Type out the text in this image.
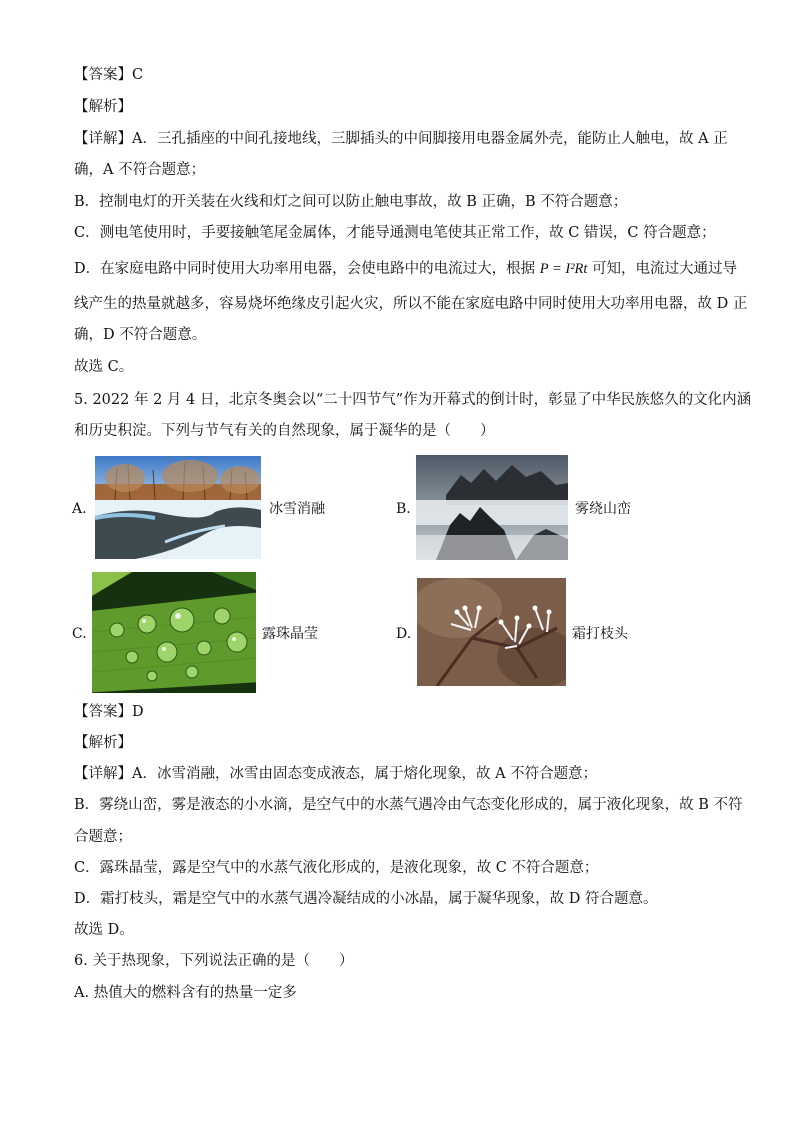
【答案】C
【解析】
【详解】A．三孔插座的中间孔接地线，三脚插头的中间脚接用电器金属外壳，能防止人触电，故 A 正
确，A 不符合题意；
B．控制电灯的开关装在火线和灯之间可以防止触电事故，故 B 正确，B 不符合题意；
C．测电笔使用时，手要接触笔尾金属体，才能导通测电笔使其正常工作，故 C 错误，C 符合题意；
D．在家庭电路中同时使用大功率用电器，会使电路中的电流过大，根据 P = I²Rt 可知，电流过大通过导
线产生的热量就越多，容易烧坏绝缘皮引起火灾，所以不能在家庭电路中同时使用大功率用电器，故 D 正
确，D 不符合题意。
故选 C。
5. 2022 年 2 月 4 日，北京冬奥会以“二十四节气”作为开幕式的倒计时，彰显了中华民族悠久的文化内涵
和历史积淀。下列与节气有关的自然现象，属于凝华的是（　　）
A.	冰雪消融	B.	雾绕山峦
C.	露珠晶莹	D.	霜打枝头
【答案】D
【解析】
【详解】A．冰雪消融，冰雪由固态变成液态，属于熔化现象，故 A 不符合题意；
B．雾绕山峦，雾是液态的小水滴，是空气中的水蒸气遇冷由气态变化形成的，属于液化现象，故 B 不符
合题意；
C．露珠晶莹，露是空气中的水蒸气液化形成的，是液化现象，故 C 不符合题意；
D．霜打枝头，霜是空气中的水蒸气遇冷凝结成的小冰晶，属于凝华现象，故 D 符合题意。
故选 D。
6. 关于热现象，下列说法正确的是（　　）
A. 热值大的燃料含有的热量一定多
